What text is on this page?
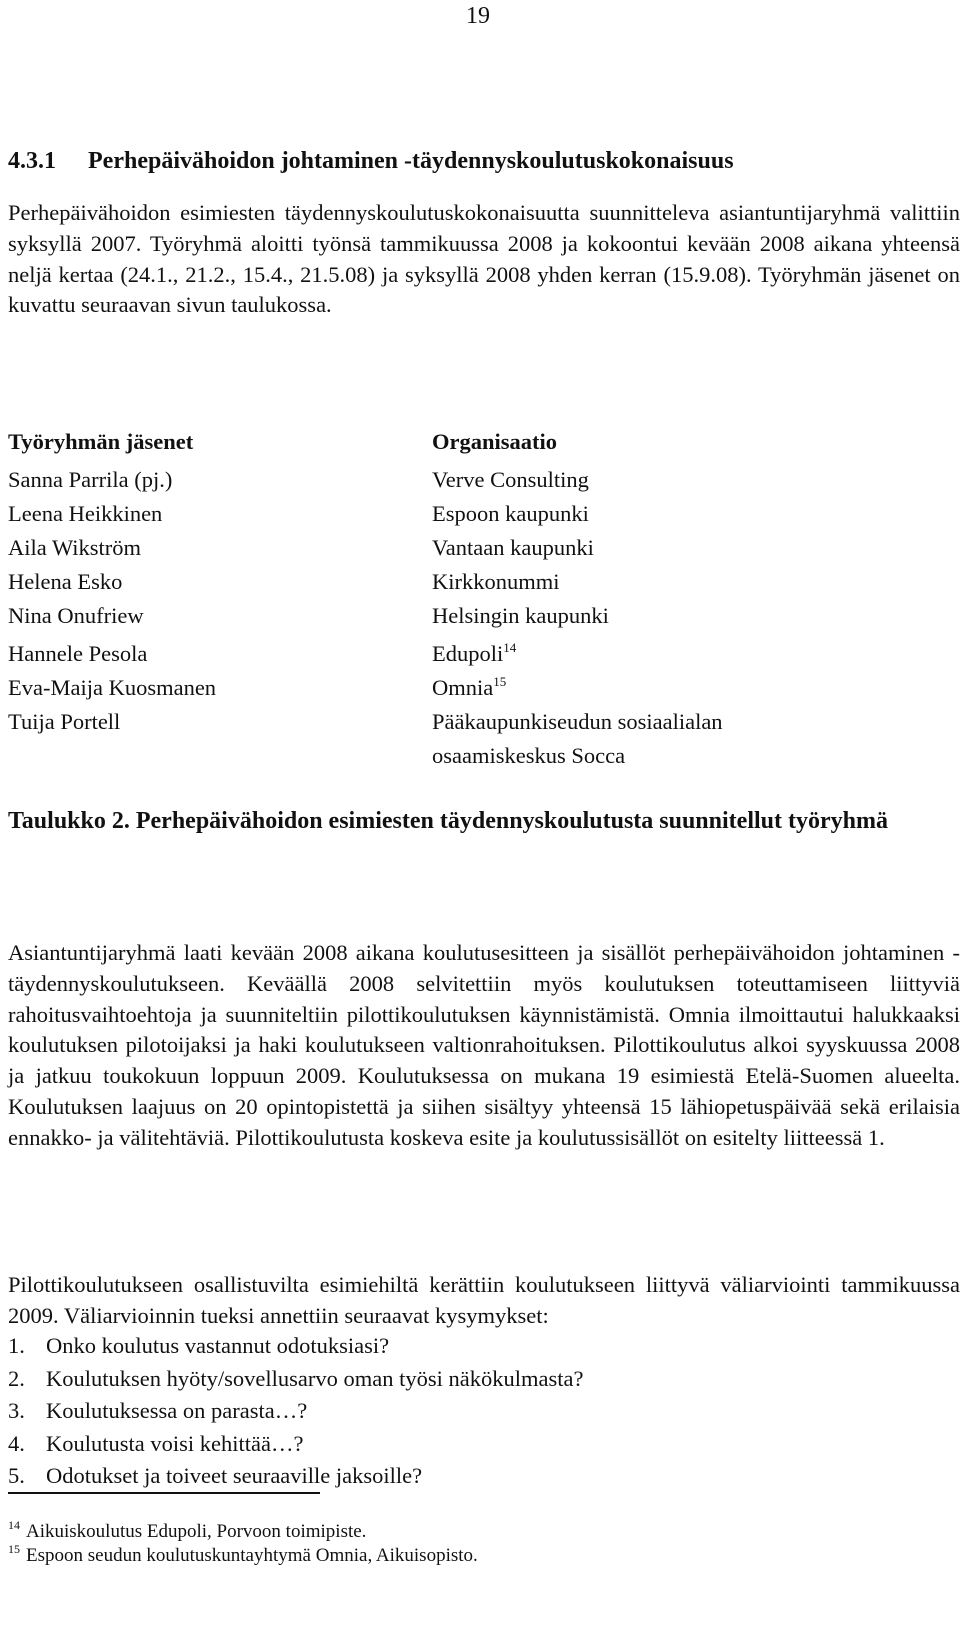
19
4.3.1 Perhepäivähoidon johtaminen -täydennyskoulutuskokonaisuus

Perhepäivähoidon esimiesten täydennyskoulutuskokonaisuutta suunnitteleva asiantuntijaryhmä valittiin syksyllä 2007. Työryhmä aloitti työnsä tammikuussa 2008 ja kokoontui kevään 2008 aikana yhteensä neljä kertaa (24.1., 21.2., 15.4., 21.5.08) ja syksyllä 2008 yhden kerran (15.9.08). Työryhmän jäsenet on kuvattu seuraavan sivun taulukossa.

Työryhmän jäsenet	Organisaatio
Sanna Parrila (pj.)	Verve Consulting
Leena Heikkinen	Espoon kaupunki
Aila Wikström	Vantaan kaupunki
Helena Esko	Kirkkonummi
Nina Onufriew	Helsingin kaupunki
Hannele Pesola	Edupoli$^{14}$
Eva-Maija Kuosmanen	Omnia$^{15}$
Tuija Portell	Pääkaupunkiseudun sosiaalialan osaamiskeskus Socca

Taulukko 2. Perhepäivähoidon esimiesten täydennyskoulutusta suunnitellut työryhmä

Asiantuntijaryhmä laati kevään 2008 aikana koulutusesitteen ja sisällöt perhepäivähoidon johtaminen -täydennyskoulutukseen. Keväällä 2008 selvitettiin myös koulutuksen toteuttamiseen liittyviä rahoitusvaihtoehtoja ja suunniteltiin pilottikoulutuksen käynnistämistä. Omnia ilmoittautui halukkaaksi koulutuksen pilotoijaksi ja haki koulutukseen valtionrahoituksen. Pilottikoulutus alkoi syyskuussa 2008 ja jatkuu toukokuun loppuun 2009. Koulutuksessa on mukana 19 esimiestä Etelä-Suomen alueelta. Koulutuksen laajuus on 20 opintopistettä ja siihen sisältyy yhteensä 15 lähiopetuspäivää sekä erilaisia ennakko- ja välitehtäviä. Pilottikoulutusta koskeva esite ja koulutussisällöt on esitelty liitteessä 1.

Pilottikoulutukseen osallistuvilta esimiehiltä kerättiin koulutukseen liittyvä väliarviointi tammikuussa 2009. Väliarvioinnin tueksi annettiin seuraavat kysymykset:

1. Onko koulutus vastannut odotuksiasi?
2. Koulutuksen hyöty/sovellusarvo oman työsi näkökulmasta?
3. Koulutuksessa on parasta…?
4. Koulutusta voisi kehittää…?
5. Odotukset ja toiveet seuraaville jaksoille?
$^{14}$ Aikuiskoulutus Edupoli, Porvoon toimipiste.
$^{15}$ Espoon seudun koulutuskuntayhtymä Omnia, Aikuisopisto.
